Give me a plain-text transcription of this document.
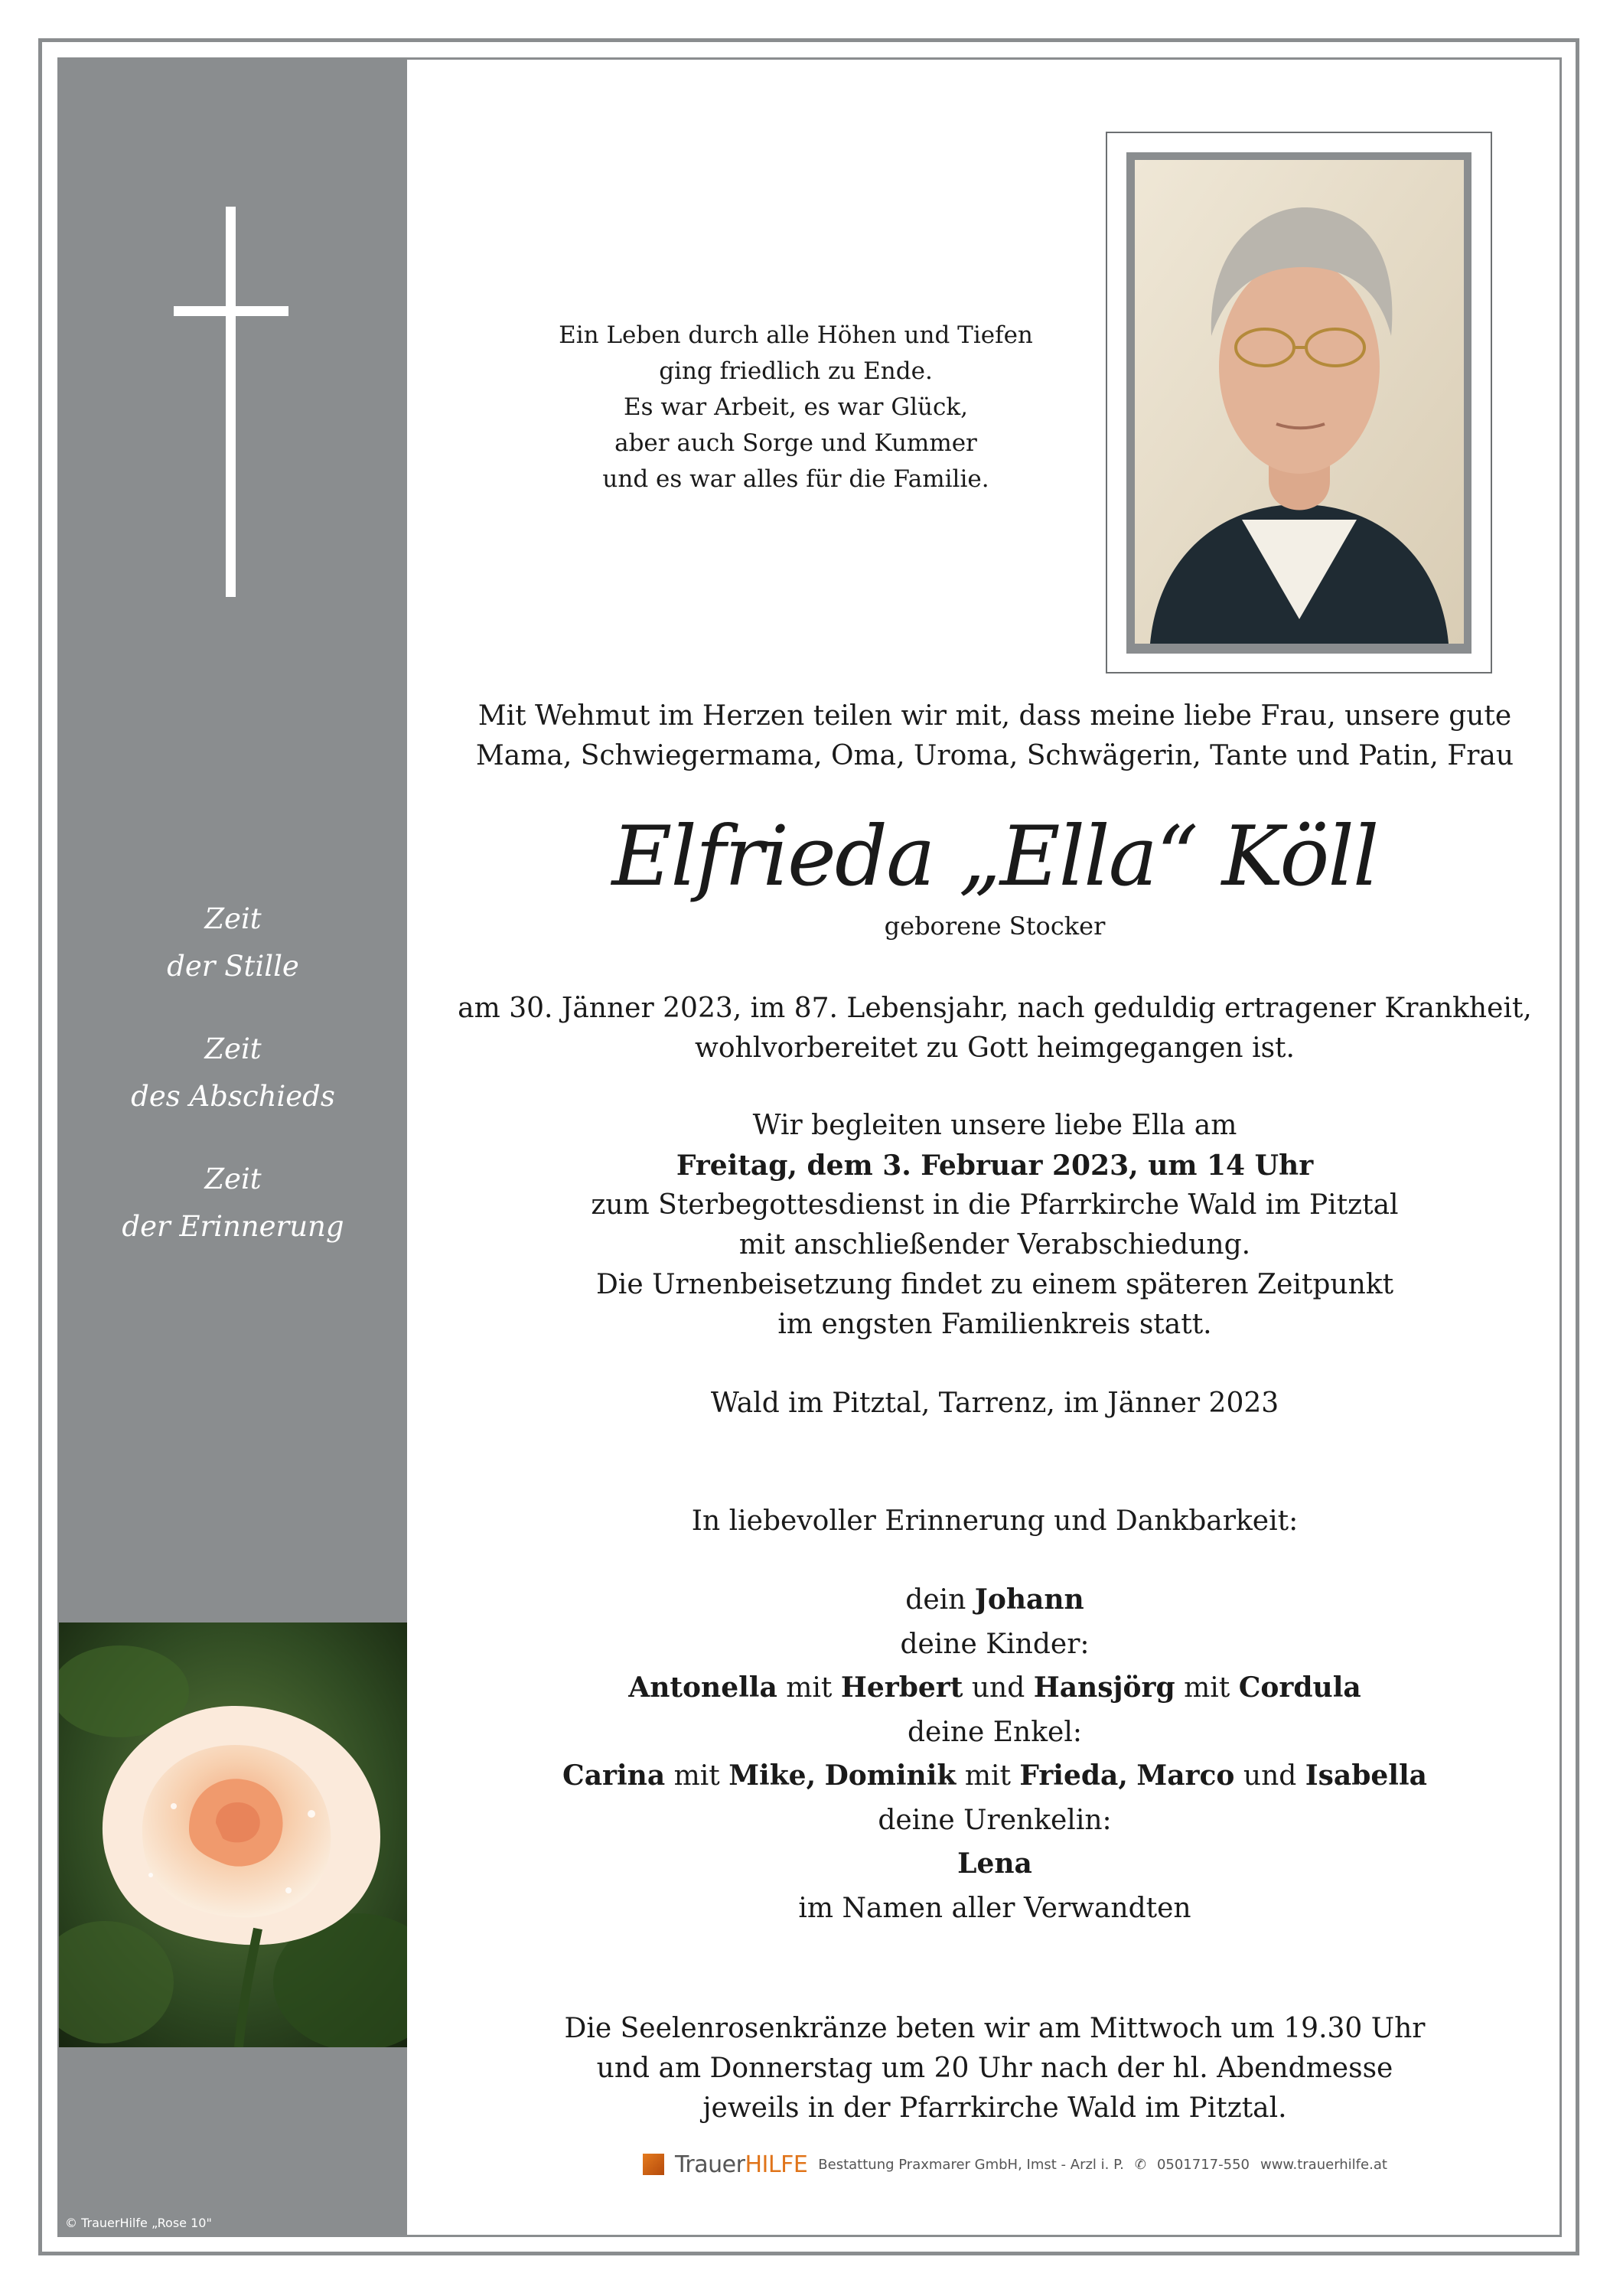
Zeit
der Stille
Zeit
des Abschieds
Zeit
der Erinnerung
© TrauerHilfe „Rose 10"
Ein Leben durch alle Höhen und Tiefen
ging friedlich zu Ende.
Es war Arbeit, es war Glück,
aber auch Sorge und Kummer
und es war alles für die Familie.
Mit Wehmut im Herzen teilen wir mit, dass meine liebe Frau, unsere gute
Mama, Schwiegermama, Oma, Uroma, Schwägerin, Tante und Patin, Frau
Elfrieda „Ella“ Köll
geborene Stocker
am 30. Jänner 2023, im 87. Lebensjahr, nach geduldig ertragener Krankheit,
wohlvorbereitet zu Gott heimgegangen ist.
Wir begleiten unsere liebe Ella am
Freitag, dem 3. Februar 2023, um 14 Uhr
zum Sterbegottesdienst in die Pfarrkirche Wald im Pitztal
mit anschließender Verabschiedung.
Die Urnenbeisetzung findet zu einem späteren Zeitpunkt
im engsten Familienkreis statt.
Wald im Pitztal, Tarrenz, im Jänner 2023
In liebevoller Erinnerung und Dankbarkeit:
dein Johann
deine Kinder:
Antonella mit Herbert und Hansjörg mit Cordula
deine Enkel:
Carina mit Mike, Dominik mit Frieda, Marco und Isabella
deine Urenkelin:
Lena
im Namen aller Verwandten
Die Seelenrosenkränze beten wir am Mittwoch um 19.30 Uhr
und am Donnerstag um 20 Uhr nach der hl. Abendmesse
jeweils in der Pfarrkirche Wald im Pitztal.
TrauerHILFE Bestattung Praxmarer GmbH, Imst - Arzl i. P. ✆ 0501717-550 www.trauerhilfe.at
